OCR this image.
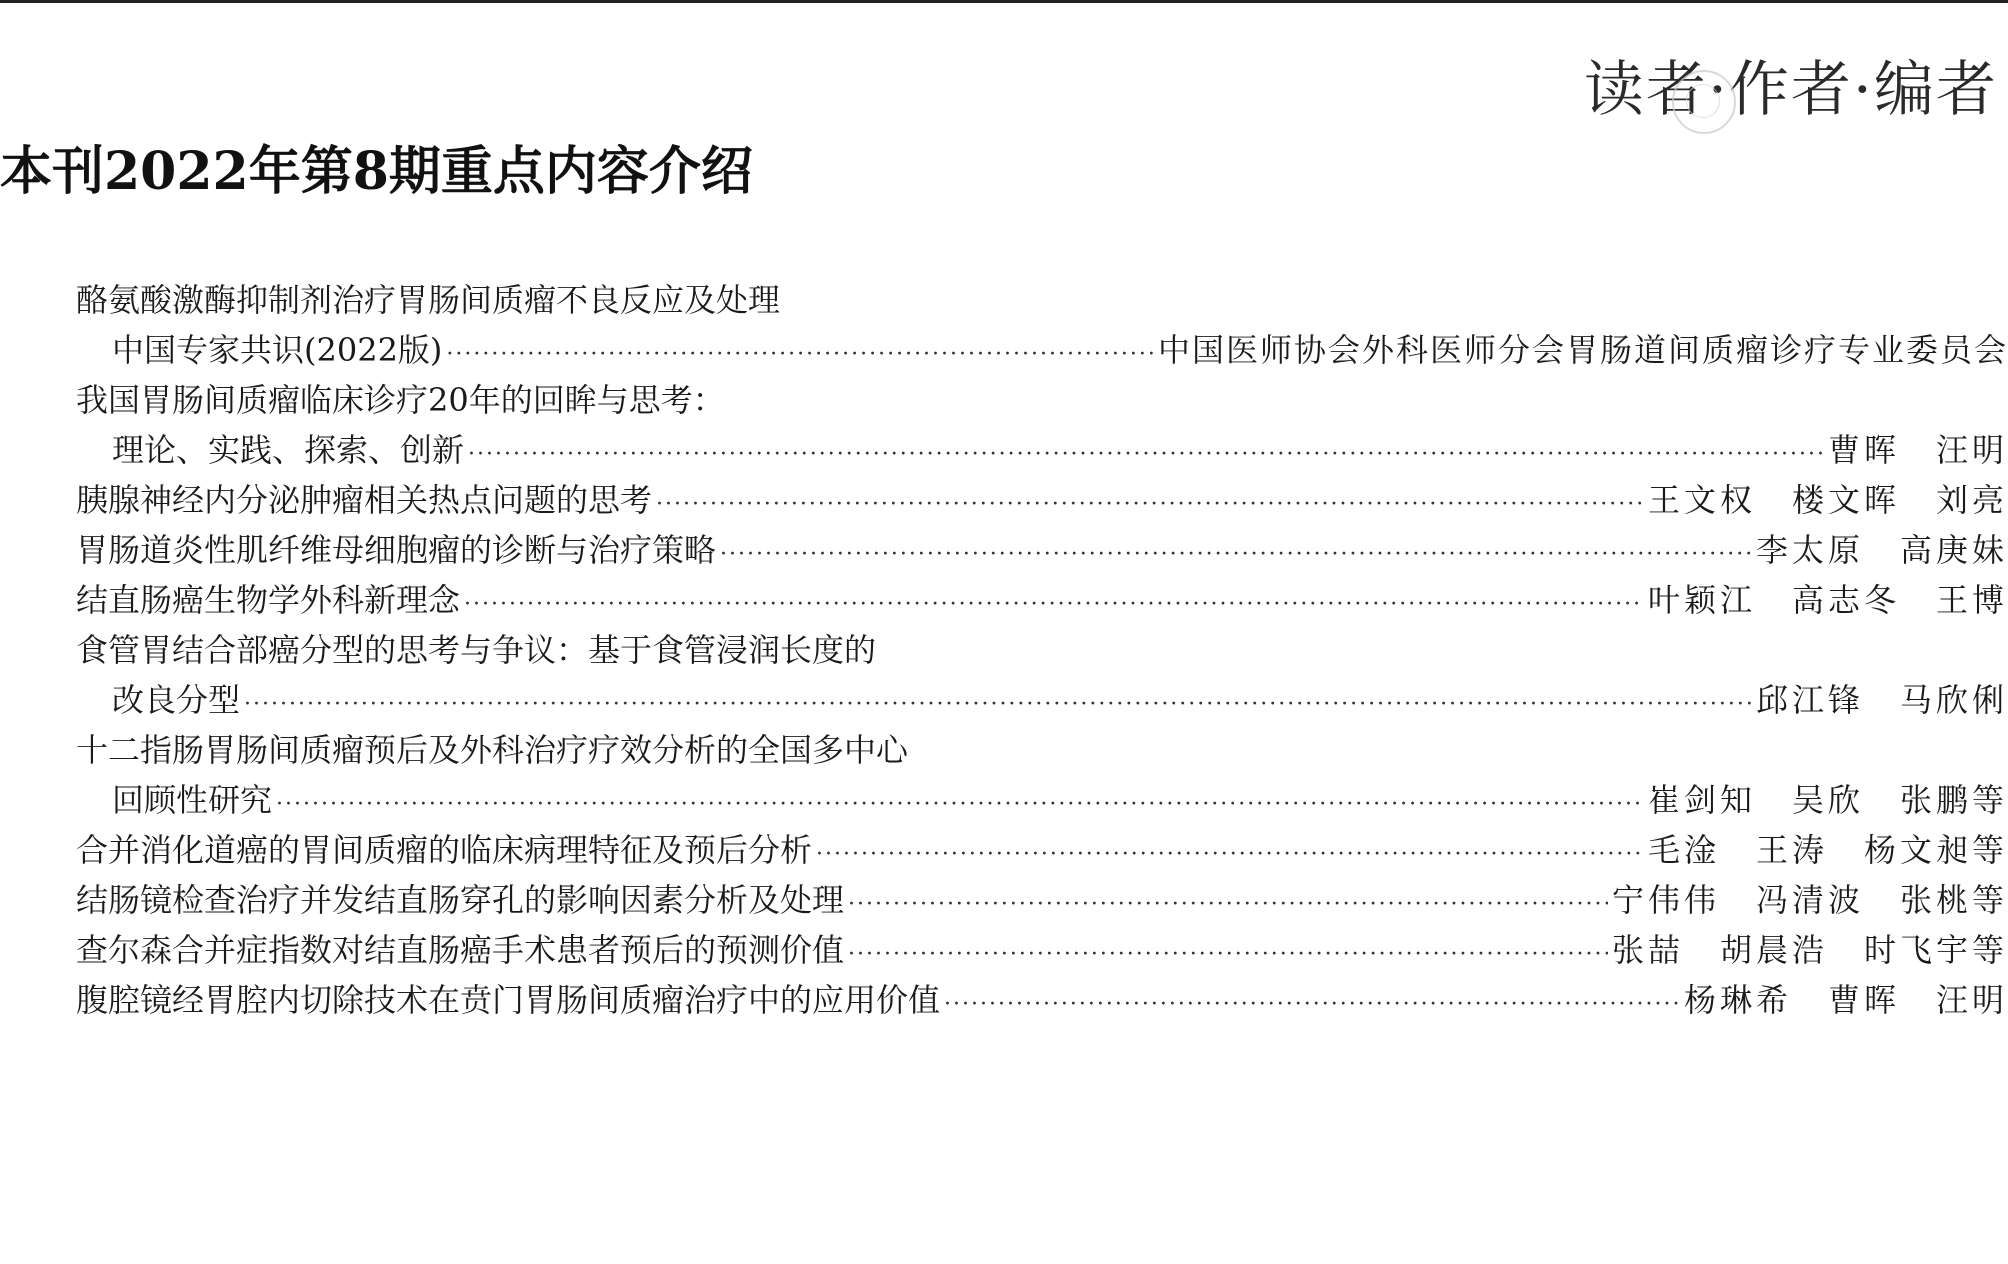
读者·作者·编者
本刊2022年第8期重点内容介绍
酪氨酸激酶抑制剂治疗胃肠间质瘤不良反应及处理
中国专家共识(2022版) ·····	中国医师协会外科医师分会胃肠道间质瘤诊疗专业委员会
我国胃肠间质瘤临床诊疗20年的回眸与思考：
理论、实践、探索、创新 ·····	曹晖　汪明
胰腺神经内分泌肿瘤相关热点问题的思考 ·····	王文权　楼文晖　刘亮
胃肠道炎性肌纤维母细胞瘤的诊断与治疗策略 ·····	李太原　高庚妹
结直肠癌生物学外科新理念 ·····	叶颖江　高志冬　王博
食管胃结合部癌分型的思考与争议：基于食管浸润长度的
改良分型 ·····	邱江锋　马欣俐
十二指肠胃肠间质瘤预后及外科治疗疗效分析的全国多中心
回顾性研究 ·····	崔剑知　吴欣　张鹏等
合并消化道癌的胃间质瘤的临床病理特征及预后分析 ·····	毛淦　王涛　杨文昶等
结肠镜检查治疗并发结直肠穿孔的影响因素分析及处理 ·····	宁伟伟　冯清波　张桃等
查尔森合并症指数对结直肠癌手术患者预后的预测价值 ·····	张喆　胡晨浩　时飞宇等
腹腔镜经胃腔内切除技术在贲门胃肠间质瘤治疗中的应用价值 ·····	杨琳希　曹晖　汪明
